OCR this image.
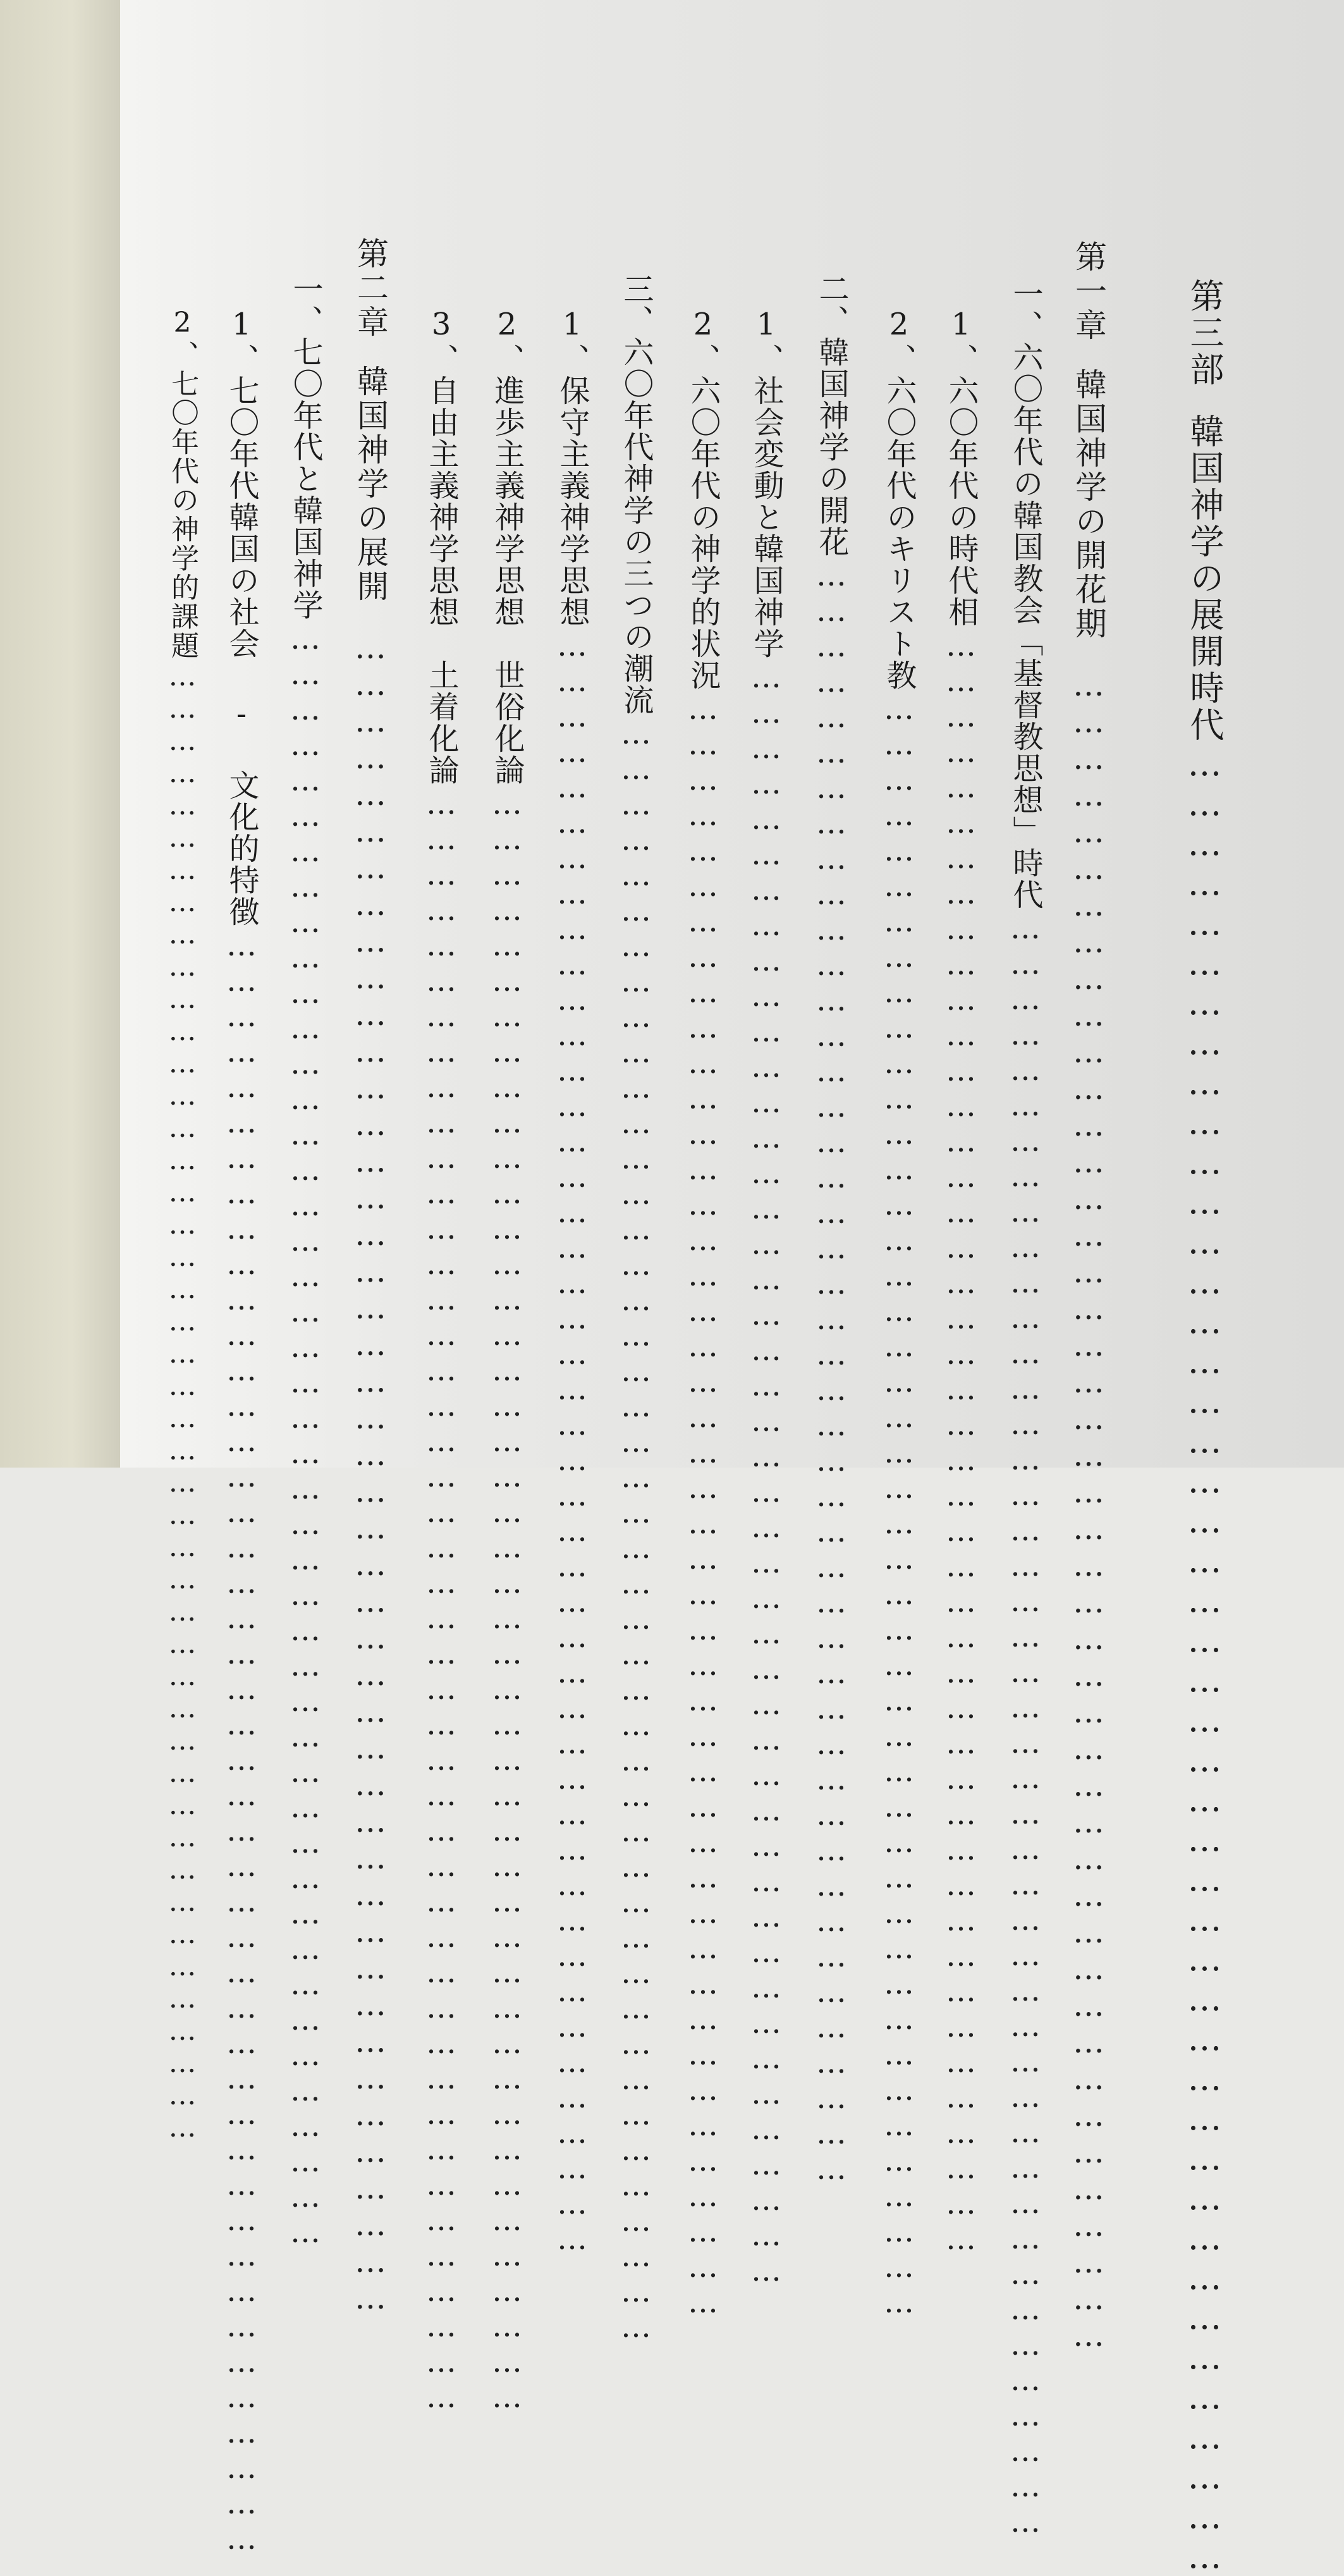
第三部韓国神学の展開時代…………………………………………………………………………………………………………………………
第一章韓国神学の開花期…………………………………………………………………………………………………………………………
一、六〇年代の韓国教会「基督教思想」時代…………………………………………………………………………………………………………………………
1、六〇年代の時代相…………………………………………………………………………………………………………………………
2、六〇年代のキリスト教…………………………………………………………………………………………………………………………
二、韓国神学の開花…………………………………………………………………………………………………………………………
1、社会変動と韓国神学…………………………………………………………………………………………………………………………
2、六〇年代の神学的状況…………………………………………………………………………………………………………………………
三、六〇年代神学の三つの潮流…………………………………………………………………………………………………………………………
1、保守主義神学思想…………………………………………………………………………………………………………………………
2、進歩主義神学思想　世俗化論…………………………………………………………………………………………………………………………
3、自由主義神学思想　土着化論…………………………………………………………………………………………………………………………
第二章韓国神学の展開…………………………………………………………………………………………………………………………
一、七〇年代と韓国神学…………………………………………………………………………………………………………………………
1、七〇年代韓国の社会 - 文化的特徴…………………………………………………………………………………………………………………………
2、七〇年代の神学的課題…………………………………………………………………………………………………………………………
